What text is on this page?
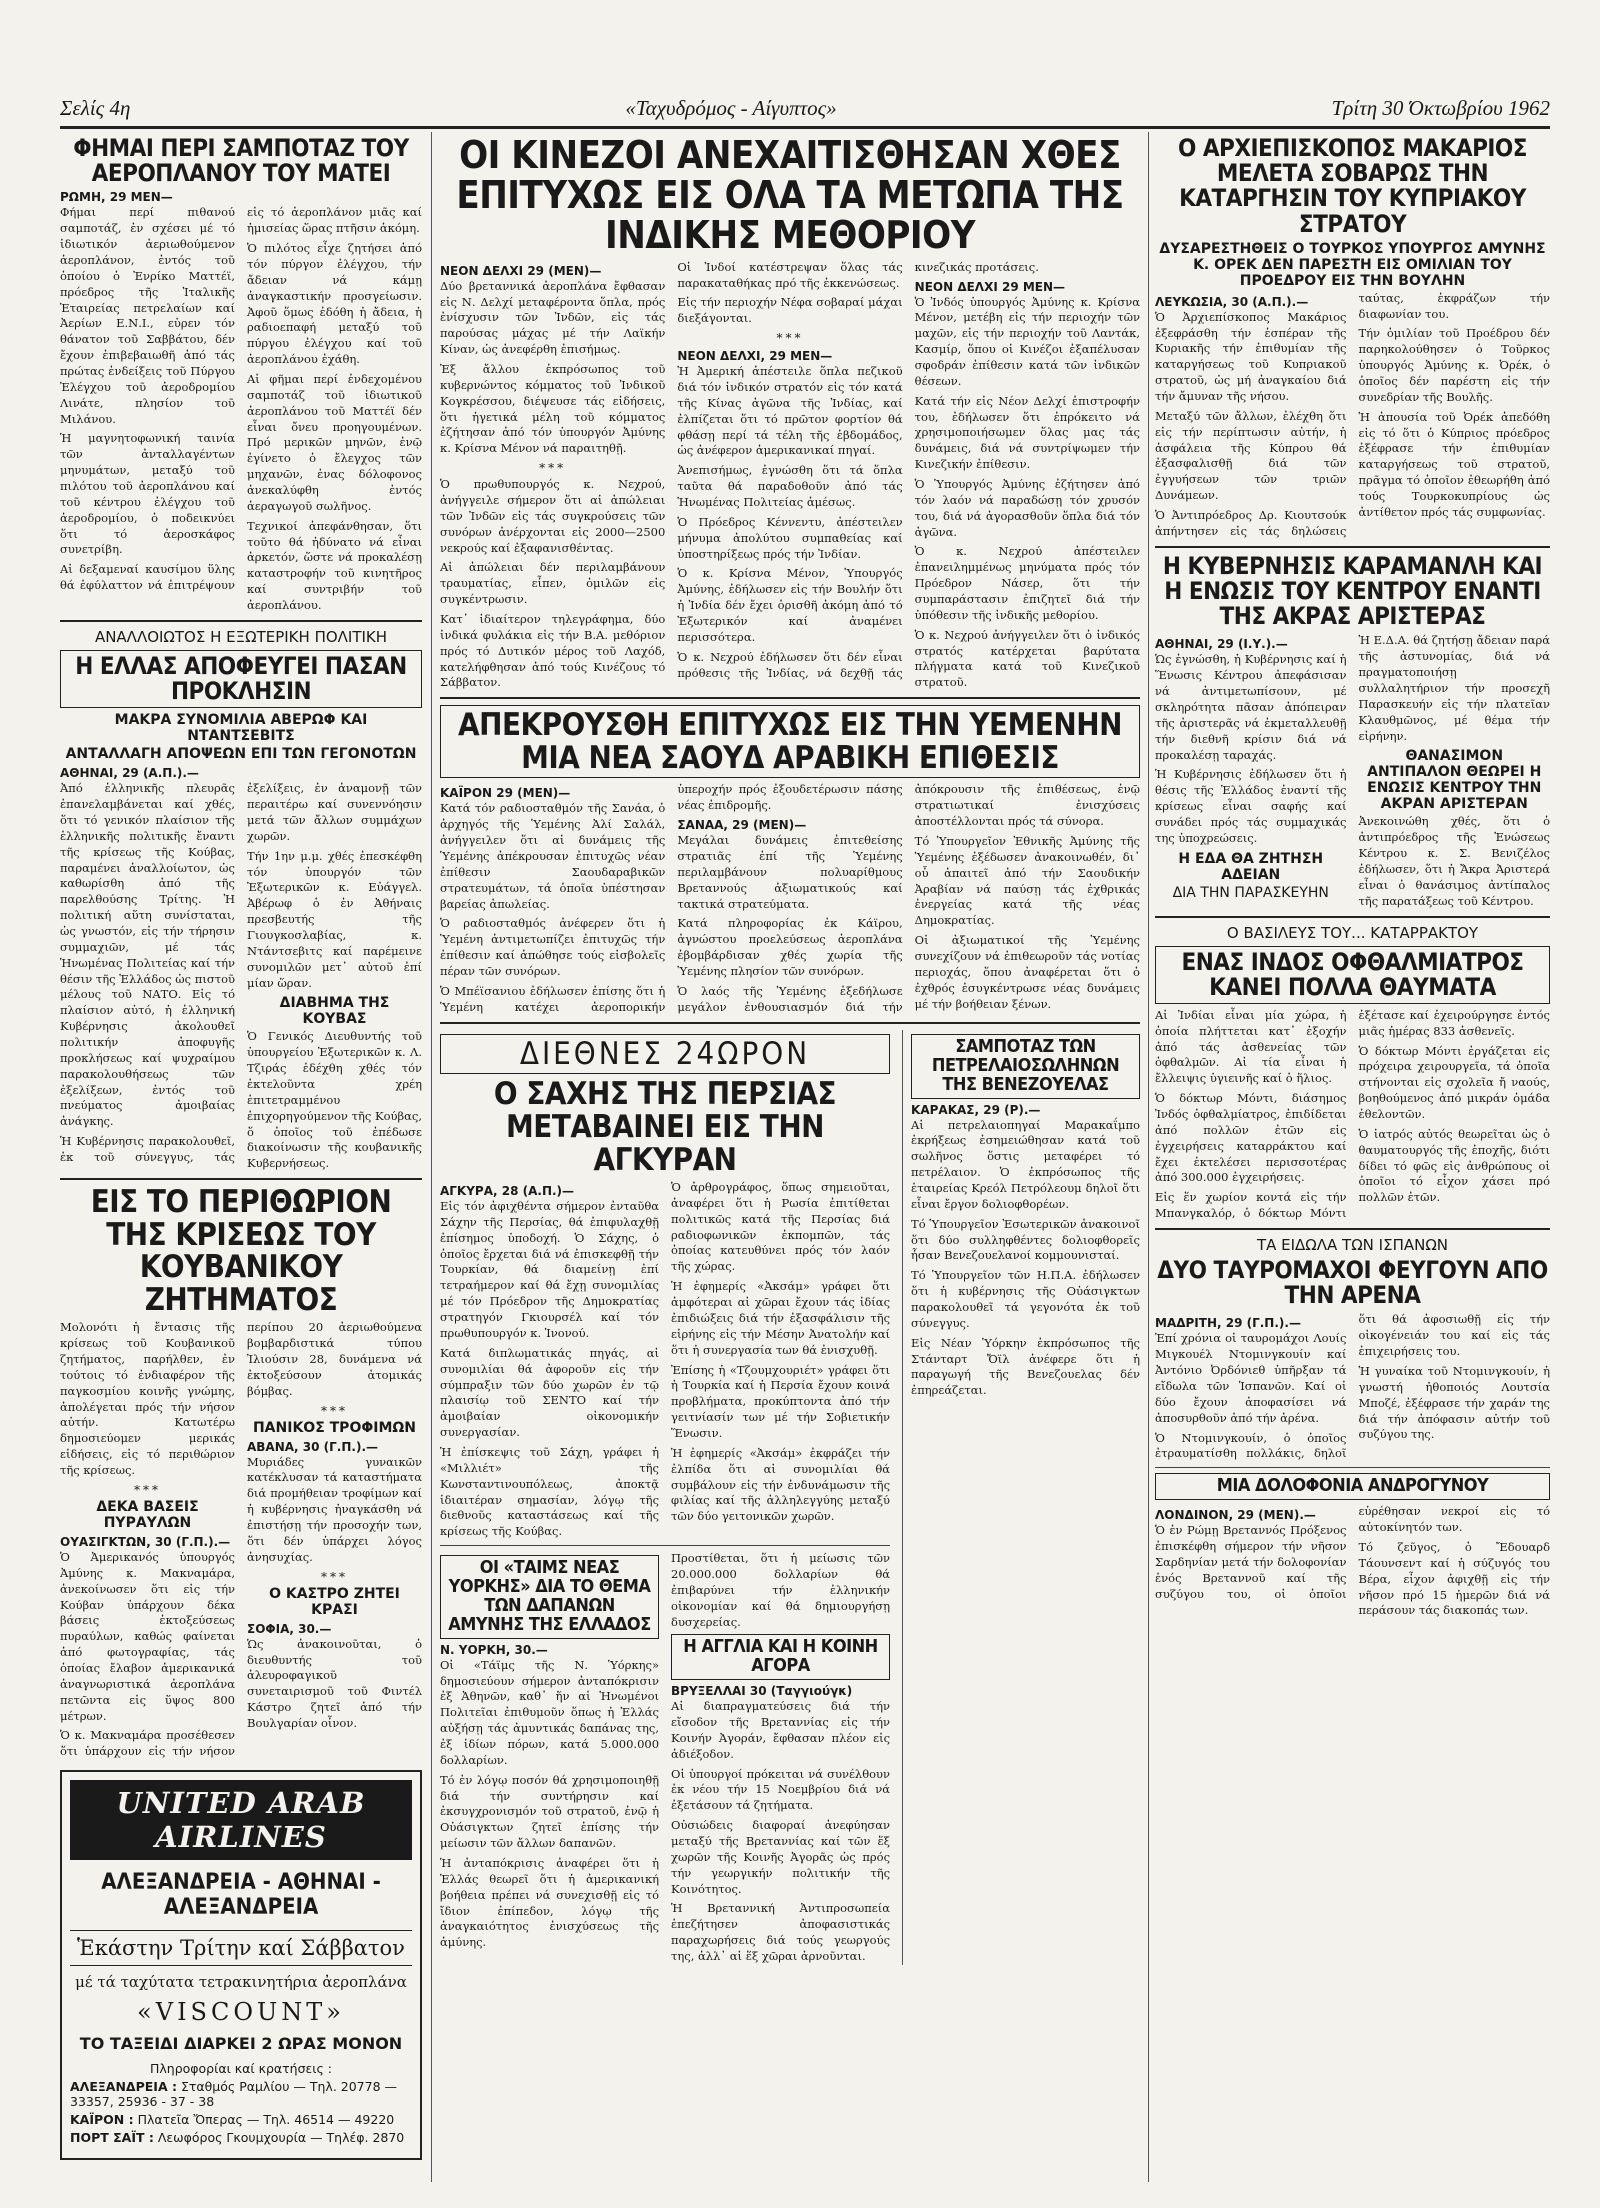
Σελίς 4η	«Ταχυδρόμος - Αίγυπτος»	Τρίτη 30 Όκτωβρίου 1962
ΦΗΜΑΙ ΠΕΡΙ ΣΑΜΠΟΤΑΖ ΤΟΥ ΑΕΡΟΠΛΑΝΟΥ ΤΟΥ ΜΑΤΕΙ
ΡΩΜΗ, 29 ΜΕΝ—

Φήμαι περί πιθανού σαμποτάζ, ἐν σχέσει μέ τό ἰδιωτικόν ἀεριωθούμενον ἀεροπλάνον, ἐντός τοῦ ὁποίου ὁ Ἐνρίκο Ματτέϊ, πρόεδρος τῆς Ἰταλικῆς Ἑταιρείας πετρελαίων καί Ἀερίων Ε.Ν.Ι., εὑρεν τόν θάνατον τοῦ Σαββάτου, δέν ἔχουν ἐπιβεβαιωθῆ ἀπό τάς πρώτας ἐνδείξεις τοῦ Πύργου Ἐλέγχου τοῦ ἀεροδρομίου Λινάτε, πλησίον τοῦ Μιλάνου.

Ἡ μαγνητοφωνική ταινία τῶν ἀνταλλαγέντων μηνυμάτων, μεταξύ τοῦ πιλότου τοῦ ἀεροπλάνου καί τοῦ κέντρου ἐλέγχου τοῦ ἀεροδρομίου, ὁ ποδεικνύει ὅτι τό ἀεροσκάφος συνετρίβη.

Αἱ δεξαμεναί καυσίμου ὕλης θά ἐφύλαττον νά ἐπιτρέψουν εἰς τό ἀεροπλάνον μιᾶς καί ἡμισείας ὥρας πτῆσιν ἀκόμη.

Ὁ πιλότος εἶχε ζητήσει ἀπό τόν πύργον ἐλέγχου, τήν ἄδειαν νά κάμῃ ἀναγκαστικήν προσγείωσιν. Ἀφοῦ ὅμως ἐδόθη ἡ ἄδεια, ἡ ραδιοεπαφή μεταξύ τοῦ πύργου ἐλέγχου καί τοῦ ἀεροπλάνου ἐχάθη.

Αἱ φῆμαι περί ἐνδεχομένου σαμποτάζ τοῦ ἰδιωτικοῦ ἀεροπλάνου τοῦ Ματτέϊ δέν εἶναι ὄνευ προηγουμένων. Πρό μερικῶν μηνῶν, ἐνῷ ἐγίνετο ὁ ἔλεγχος τῶν μηχανῶν, ἐνας δόλοφονος ἀνεκαλύφθη ἐντός ἀεραγωγοῦ σωλῆνος.

Τεχνικοί ἀπεφάνθησαν, ὅτι τοῦτο θά ἠδύνατο νά εἶναι ἀρκετόν, ὥστε νά προκαλέσῃ καταστροφήν τοῦ κινητῆρος καί συντριβήν τοῦ ἀεροπλάνου.

ΑΝΑΛΛΟΙΩΤΟΣ Η ΕΞΩΤΕΡΙΚΗ ΠΟΛΙΤΙΚΗ
Η ΕΛΛΑΣ ΑΠΟΦΕΥΓΕΙ ΠΑΣΑΝ ΠΡΟΚΛΗΣΙΝ
ΜΑΚΡΑ ΣΥΝΟΜΙΛΙΑ ΑΒΕΡΩΦ ΚΑΙ ΝΤΑΝΤΣΕΒΙΤΣ
ΑΝΤΑΛΛΑΓΗ ΑΠΟΨΕΩΝ ΕΠΙ ΤΩΝ ΓΕΓΟΝΟΤΩΝ
ΑΘΗΝΑΙ, 29 (Α.Π.).—

Ἀπό ἑλληνικῆς πλευρᾶς ἐπανελαμβάνεται καί χθές, ὅτι τό γενικόν πλαίσιον τῆς ἑλληνικῆς πολιτικῆς ἔναντι τῆς κρίσεως τῆς Κούβας, παραμένει ἀναλλοίωτον, ὡς καθωρίσθη ἀπό τῆς παρελθούσης Τρίτης. Ἡ πολιτική αὕτη συνίσταται, ὡς γνωστόν, εἰς τήν τήρησιν συμμαχιῶν, μέ τάς Ἡνωμένας Πολιτείας καί τήν θέσιν τῆς Ἑλλάδος ὡς πιστοῦ μέλους τοῦ ΝΑΤΟ. Εἰς τό πλαίσιον αὐτό, ἡ ἑλληνική Κυβέρνησις ἀκολουθεῖ πολιτικήν ἀποφυγῆς προκλήσεως καί ψυχραίμου παρακολουθήσεως τῶν ἐξελίξεων, ἐντός τοῦ πνεύματος ἀμοιβαίας ἀνάγκης.

Ἡ Κυβέρνησις παρακολουθεῖ, ἐκ τοῦ σύνεγγυς, τάς ἐξελίξεις, ἐν ἀναμονῇ τῶν περαιτέρω καί συνεννόησιν μετά τῶν ἄλλων συμμάχων χωρῶν.

Τήν 1ην μ.μ. χθές ἐπεσκέφθη τόν ὑπουργόν τῶν Ἐξωτερικῶν κ. Εὐάγγελ. Ἀβέρωφ ὁ ἐν Ἀθήναις πρεσβευτής τῆς Γιουγκοσλαβίας, κ. Ντάντσεβιτς καί παρέμεινε συνομιλῶν μετ᾽ αὐτοῦ ἐπί μίαν ὥραν.

ΔΙΑΒΗΜΑ ΤΗΣ ΚΟΥΒΑΣ

Ὁ Γενικός Διευθυντής τοῦ ὑπουργείου Ἐξωτερικῶν κ. Λ. Τζιράς ἐδέχθη χθές τόν ἐκτελοῦντα χρέη ἐπιτετραμμένου ἐπιχορηγούμενον τῆς Κούβας, ὅ ὁποῖος τοῦ ἐπέδωσε διακοίνωσιν τῆς κουβανικῆς Κυβερνήσεως.

ΕΙΣ ΤΟ ΠΕΡΙΘΩΡΙΟΝ ΤΗΣ ΚΡΙΣΕΩΣ ΤΟΥ ΚΟΥΒΑΝΙΚΟΥ ΖΗΤΗΜΑΤΟΣ

Μολονότι ἡ ἔντασις τῆς κρίσεως τοῦ Κουβανικοῦ ζητήματος, παρήλθεν, ἐν τούτοις τό ἐνδιαφέρον τῆς παγκοσμίου κοινῆς γνώμης, ἀπολέγεται πρός τήν νήσον αὐτήν. Κατωτέρω δημοσιεύομεν μερικάς εἰδήσεις, εἰς τό περιθώριον τῆς κρίσεως.

***
ΔΕΚΑ ΒΑΣΕΙΣ ΠΥΡΑΥΛΩΝ
ΟΥΑΣΙΓΚΤΩΝ, 30 (Γ.Π.).—

Ὁ Ἀμερικανός ὑπουργός Ἀμύνης κ. Μακναμάρα, ἀνεκοίνωσεν ὅτι εἰς τήν Κούβαν ὑπάρχουν δέκα βάσεις ἐκτοξεύσεως πυραύλων, καθώς φαίνεται ἀπό φωτογραφίας, τάς ὁποίας ἔλαβον ἀμερικανικά ἀναγνωριστικά ἀεροπλάνα πετῶντα εἰς ὕψος 800 μέτρων.

Ὁ κ. Μακναμάρα προσέθεσεν ὅτι ὑπάρχουν εἰς τήν νήσον περίπου 20 ἀεριωθούμενα βομβαρδιστικά τύπου Ἰλιούσιν 28, δυνάμενα νά ἐκτοξεύσουν ἀτομικάς βόμβας.

***
ΠΑΝΙΚΟΣ ΤΡΟΦΙΜΩΝ
ΑΒΑΝΑ, 30 (Γ.Π.).—

Μυριάδες γυναικῶν κατέκλυσαν τά καταστήματα διά προμήθειαν τροφίμων καί ἡ κυβέρνησις ἠναγκάσθη νά ἐπιστήσῃ τήν προσοχήν των, ὅτι δέν ὑπάρχει λόγος ἀνησυχίας.

***
Ο ΚΑΣΤΡΟ ΖΗΤΕΙ ΚΡΑΣΙ
ΣΟΦΙΑ, 30.—

Ὡς ἀνακοινοῦται, ὁ διευθυντής τοῦ ἀλευροφαγικοῦ συνεταιρισμοῦ τοῦ Φιντέλ Κάστρο ζητεῖ ἀπό τήν Βουλγαρίαν οἶνον.

UNITED ARAB AIRLINES
ΑΛΕΞΑΝΔΡΕΙΑ - ΑΘΗΝΑΙ - ΑΛΕΞΑΝΔΡΕΙΑ
Ἑκάστην Τρίτην καί Σάββατον
μέ τά ταχύτατα τετρακινητήρια ἀεροπλάνα
«VISCOUNT»
ΤΟ ΤΑΞΕΙΔΙ ΔΙΑΡΚΕΙ 2 ΩΡΑΣ ΜΟΝΟΝ
Πληροφορίαι καί κρατήσεις :
ΑΛΕΞΑΝΔΡΕΙΑ : Σταθμός Ραμλίου — Τηλ. 20778 — 33357, 25936 - 37 - 38
ΚΑΪΡΟΝ : Πλατεῖα Ὄπερας — Τηλ. 46514 — 49220
ΠΟΡΤ ΣΑΪΤ : Λεωφόρος Γκουμχουρία — Τηλέφ. 2870
ΟΙ ΚΙΝΕΖΟΙ ΑΝΕΧΑΙΤΙΣΘΗΣΑΝ ΧΘΕΣ ΕΠΙΤΥΧΩΣ ΕΙΣ ΟΛΑ ΤΑ ΜΕΤΩΠΑ ΤΗΣ ΙΝΔΙΚΗΣ ΜΕΘΟΡΙΟΥ
ΝΕΟΝ ΔΕΛΧΙ 29 (ΜΕΝ)—

Δύο βρεταννικά ἀεροπλάνα ἔφθασαν εἰς Ν. Δελχί μεταφέροντα ὅπλα, πρός ἐνίσχυσιν τῶν Ἰνδῶν, εἰς τάς παρούσας μάχας μέ τήν Λαϊκήν Κίναν, ὡς ἀνεφέρθη ἐπισήμως.

Ἐξ ἄλλου ἐκπρόσωπος τοῦ κυβερνώντος κόμματος τοῦ Ἰνδικοῦ Κογκρέσσου, διέψευσε τάς εἰδήσεις, ὅτι ἡγετικά μέλη τοῦ κόμματος ἐζήτησαν ἀπό τόν ὑπουργόν Ἀμύνης κ. Κρίσνα Μένον νά παραιτηθῇ.

***

Ὁ πρωθυπουργός κ. Νεχρού, ἀνήγγειλε σήμερον ὅτι αἱ ἀπώλειαι τῶν Ἰνδῶν εἰς τάς συγκρούσεις τῶν συνόρων ἀνέρχονται εἰς 2000—2500 νεκρούς καί ἐξαφανισθέντας.

Αἱ ἀπώλειαι δέν περιλαμβάνουν τραυματίας, εἶπεν, ὁμιλῶν εἰς συγκέντρωσιν.

Κατ᾽ ἰδιαίτερον τηλεγράφημα, δύο ἰνδικά φυλάκια εἰς τήν Β.Α. μεθόριον πρός τό Δυτικόν μέρος τοῦ Λαχόδ, κατελήφθησαν ἀπό τούς Κινέζους τό Σάββατον.

Οἱ Ἰνδοί κατέστρεψαν ὅλας τάς παρακαταθήκας πρό τῆς ἐκκενώσεως.

Εἰς τήν περιοχήν Νέφα σοβαραί μάχαι διεξάγονται.

***
ΝΕΟΝ ΔΕΛΧΙ, 29 ΜΕΝ—

Ἡ Ἀμερική ἀπέστειλε ὅπλα πεζικοῦ διά τόν ἰνδικόν στρατόν εἰς τόν κατά τῆς Κίνας ἀγῶνα τῆς Ἰνδίας, καί ἐλπίζεται ὅτι τό πρῶτον φορτίον θά φθάσῃ περί τά τέλη τῆς ἑβδομάδος, ὡς ἀνέφερον ἀμερικανικαί πηγαί.

Ἀνεπισήμως, ἐγνώσθη ὅτι τά ὅπλα ταῦτα θά παραδοθοῦν ἀπό τάς Ἡνωμένας Πολιτείας ἀμέσως.

Ὁ Πρόεδρος Κέννεντυ, ἀπέστειλεν μήνυμα ἀπολύτου συμπαθείας καί ὑποστηρίξεως πρός τήν Ἰνδίαν.

Ὁ κ. Κρίσνα Μένον, Ὑπουργός Ἀμύνης, ἐδήλωσεν εἰς τήν Βουλήν ὅτι ἡ Ἰνδία δέν ἔχει ὁρισθῆ ἀκόμη ἀπό τό Ἐξωτερικόν καί ἀναμένει περισσότερα.

Ὁ κ. Νεχρού ἐδήλωσεν ὅτι δέν εἶναι πρόθεσις τῆς Ἰνδίας, νά δεχθῇ τάς κινεζικάς προτάσεις.

ΝΕΟΝ ΔΕΛΧΙ 29 ΜΕΝ—

Ὁ Ἰνδός ὑπουργός Ἀμύνης κ. Κρίσνα Μένον, μετέβη εἰς τήν περιοχήν τῶν μαχῶν, εἰς τήν περιοχήν τοῦ Λαντάκ, Κασμίρ, ὅπου οἱ Κινέζοι ἐξαπέλυσαν σφοδράν ἐπίθεσιν κατά τῶν ἰνδικῶν θέσεων.

Κατά τήν εἰς Νέον Δελχί ἐπιστροφήν του, ἐδήλωσεν ὅτι ἐπρόκειτο νά χρησιμοποιήσωμεν ὅλας μας τάς δυνάμεις, διά νά συντρίψωμεν τήν Κινεζικήν ἐπίθεσιν.

Ὁ Ὑπουργός Ἀμύνης ἐζήτησεν ἀπό τόν λαόν νά παραδώσῃ τόν χρυσόν του, διά νά ἀγορασθοῦν ὅπλα διά τόν ἀγῶνα.

Ὁ κ. Νεχρού ἀπέστειλεν ἐπανειλημμένως μηνύματα πρός τόν Πρόεδρον Νάσερ, ὅτι τήν συμπαράστασιν ἐπιζητεῖ διά τήν ὑπόθεσιν τῆς ἰνδικῆς μεθορίου.

Ὁ κ. Νεχρού ἀνήγγειλεν ὅτι ὁ ἰνδικός στρατός κατέρχεται βαρύτατα πλήγματα κατά τοῦ Κινεζικοῦ στρατοῦ.

ΑΠΕΚΡΟΥΣΘΗ ΕΠΙΤΥΧΩΣ ΕΙΣ ΤΗΝ ΥΕΜΕΝΗΝ ΜΙΑ ΝΕΑ ΣΑΟΥΔ ΑΡΑΒΙΚΗ ΕΠΙΘΕΣΙΣ
ΚΑΪΡΟΝ 29 (ΜΕΝ)—

Κατά τόν ραδιοσταθμόν τῆς Σανάα, ὁ ἀρχηγός τῆς Ὑεμένης Ἀλί Σαλάλ, ἀνήγγειλεν ὅτι αἱ δυνάμεις τῆς Ὑεμένης ἀπέκρουσαν ἐπιτυχῶς νέαν ἐπίθεσιν Σαουδαραβικῶν στρατευμάτων, τά ὁποῖα ὑπέστησαν βαρείας ἀπωλείας.

Ὁ ραδιοσταθμός ἀνέφερεν ὅτι ἡ Ὑεμένη ἀντιμετωπίζει ἐπιτυχῶς τήν ἐπίθεσιν καί ἀπώθησε τούς εἰσβολεῖς πέραν τῶν συνόρων.

Ὁ Μπέϊσανιου ἐδήλωσεν ἐπίσης ὅτι ἡ Ὑεμένη κατέχει ἀεροπορικήν ὑπεροχήν πρός ἐξουδετέρωσιν πάσης νέας ἐπιδρομῆς.

ΣΑΝΑΑ, 29 (ΜΕΝ)—

Μεγάλαι δυνάμεις ἐπιτεθείσης στρατιᾶς ἐπί τῆς Ὑεμένης περιλαμβάνουν πολυαρίθμους Βρεταννούς ἀξιωματικούς καί τακτικά στρατεύματα.

Κατά πληροφορίας ἐκ Κάϊρου, ἀγνώστου προελεύσεως ἀεροπλάνα ἐβομβάρδισαν χθές χωρία τῆς Ὑεμένης πλησίον τῶν συνόρων.

Ὁ λαός τῆς Ὑεμένης ἐξεδήλωσε μεγάλον ἐνθουσιασμόν διά τήν ἀπόκρουσιν τῆς ἐπιθέσεως, ἐνῷ στρατιωτικαί ἐνισχύσεις ἀποστέλλονται πρός τά σύνορα.

Τό Ὑπουργεῖον Ἐθνικῆς Ἀμύνης τῆς Ὑεμένης ἐξέδωσεν ἀνακοινωθέν, δι᾽ οὗ ἀπαιτεῖ ἀπό τήν Σαουδικήν Ἀραβίαν νά παύσῃ τάς ἐχθρικάς ἐνεργείας κατά τῆς νέας Δημοκρατίας.

Οἱ ἀξιωματικοί τῆς Ὑεμένης συνεχίζουν νά ἐπιθεωροῦν τάς νοτίας περιοχάς, ὅπου ἀναφέρεται ὅτι ὁ ἐχθρός ἐσυγκέντρωσε νέας δυνάμεις μέ τήν βοήθειαν ξένων.

ΔΙΕΘΝΕΣ 24ΩΡΟΝ
Ο ΣΑΧΗΣ ΤΗΣ ΠΕΡΣΙΑΣ ΜΕΤΑΒΑΙΝΕΙ ΕΙΣ ΤΗΝ ΑΓΚΥΡΑΝ
ΑΓΚΥΡΑ, 28 (Α.Π.)—

Εἰς τόν ἀφιχθέντα σήμερον ἐνταῦθα Σάχην τῆς Περσίας, θά ἐπιφυλαχθῇ ἐπίσημος ὑποδοχή. Ὁ Σάχης, ὁ ὁποῖος ἔρχεται διά νά ἐπισκεφθῇ τήν Τουρκίαν, θά διαμείνῃ ἐπί τετραήμερον καί θά ἔχῃ συνομιλίας μέ τόν Πρόεδρον τῆς Δημοκρατίας στρατηγόν Γκιουρσέλ καί τόν πρωθυπουργόν κ. Ἰνονού.

Κατά διπλωματικάς πηγάς, αἱ συνομιλίαι θά ἀφοροῦν εἰς τήν σύμπραξιν τῶν δύο χωρῶν ἐν τῷ πλαισίῳ τοῦ ΣΕΝΤΟ καί τήν ἀμοιβαίαν οἰκονομικήν συνεργασίαν.

Ἡ ἐπίσκεψις τοῦ Σάχη, γράφει ἡ «Μιλλιέτ» τῆς Κωνσταντινουπόλεως, ἀποκτᾷ ἰδιαιτέραν σημασίαν, λόγῳ τῆς διεθνοῦς καταστάσεως καί τῆς κρίσεως τῆς Κούβας.

Ὁ ἀρθρογράφος, ὅπως σημειοῦται, ἀναφέρει ὅτι ἡ Ρωσία ἐπιτίθεται πολιτικῶς κατά τῆς Περσίας διά ραδιοφωνικῶν ἐκπομπῶν, τάς ὁποίας κατευθύνει πρός τόν λαόν τῆς χώρας.

Ἡ ἐφημερίς «Ἀκσάμ» γράφει ὅτι ἀμφότεραι αἱ χῶραι ἔχουν τάς ἰδίας ἐπιδιώξεις διά τήν ἐξασφάλισιν τῆς εἰρήνης εἰς τήν Μέσην Ἀνατολήν καί ὅτι ἡ συνεργασία των θά ἐνισχυθῇ.

Ἐπίσης ἡ «Τζουμχουριέτ» γράφει ὅτι ἡ Τουρκία καί ἡ Περσία ἔχουν κοινά προβλήματα, προκύπτοντα ἀπό τήν γειτνίασίν των μέ τήν Σοβιετικήν Ἕνωσιν.

Ἡ ἐφημερίς «Ἀκσάμ» ἐκφράζει τήν ἐλπίδα ὅτι αἱ συνομιλίαι θά συμβάλουν εἰς τήν ἐνδυνάμωσιν τῆς φιλίας καί τῆς ἀλληλεγγύης μεταξύ τῶν δύο γειτονικῶν χωρῶν.

ΟΙ «ΤΑΙΜΣ ΝΕΑΣ ΥΟΡΚΗΣ» ΔΙΑ ΤΟ ΘΕΜΑ ΤΩΝ ΔΑΠΑΝΩΝ ΑΜΥΝΗΣ ΤΗΣ ΕΛΛΑΔΟΣ
Ν. ΥΟΡΚΗ, 30.—

Οἱ «Τάϊμς τῆς Ν. Ὑόρκης» δημοσιεύουν σήμερον ἀνταπόκρισιν ἐξ Ἀθηνῶν, καθ᾽ ἥν αἱ Ἡνωμένοι Πολιτεῖαι ἐπιθυμοῦν ὅπως ἡ Ἑλλάς αὐξήσῃ τάς ἀμυντικάς δαπάνας της, ἐξ ἰδίων πόρων, κατά 5.000.000 δολλαρίων.

Τό ἐν λόγῳ ποσόν θά χρησιμοποιηθῇ διά τήν συντήρησιν καί ἐκσυγχρονισμόν τοῦ στρατοῦ, ἐνῷ ἡ Οὐάσιγκτων ζητεῖ ἐπίσης τήν μείωσιν τῶν ἄλλων δαπανῶν.

Ἡ ἀνταπόκρισις ἀναφέρει ὅτι ἡ Ἑλλάς θεωρεῖ ὅτι ἡ ἀμερικανική βοήθεια πρέπει νά συνεχισθῇ εἰς τό ἴδιον ἐπίπεδον, λόγῳ τῆς ἀναγκαιότητος ἐνισχύσεως τῆς ἀμύνης.

Προστίθεται, ὅτι ἡ μείωσις τῶν 20.000.000 δολλαρίων θά ἐπιβαρύνει τήν ἑλληνικήν οἰκονομίαν καί θά δημιουργήσῃ δυσχερείας.

Η ΑΓΓΛΙΑ ΚΑΙ Η ΚΟΙΝΗ ΑΓΟΡΑ
ΒΡΥΞΕΛΛΑΙ 30 (Ταγγιούγκ)

Αἱ διαπραγματεύσεις διά τήν εἴσοδον τῆς Βρεταννίας εἰς τήν Κοινήν Ἀγοράν, ἔφθασαν πλέον εἰς ἀδιέξοδον.

Οἱ ὑπουργοί πρόκειται νά συνέλθουν ἐκ νέου τήν 15 Νοεμβρίου διά νά ἐξετάσουν τά ζητήματα.

Οὐσιώδεις διαφοραί ἀνεφύησαν μεταξύ τῆς Βρεταννίας καί τῶν ἕξ χωρῶν τῆς Κοινῆς Ἀγορᾶς ὡς πρός τήν γεωργικήν πολιτικήν τῆς Κοινότητος.

Ἡ Βρεταννική Ἀντιπροσωπεία ἐπεζήτησεν ἀποφασιστικάς παραχωρήσεις διά τούς γεωργούς της, ἀλλ᾽ αἱ ἕξ χῶραι ἀρνοῦνται.

ΣΑΜΠΟΤΑΖ ΤΩΝ ΠΕΤΡΕΛΑΙΟΣΩΛΗΝΩΝ ΤΗΣ ΒΕΝΕΖΟΥΕΛΑΣ
ΚΑΡΑΚΑΣ, 29 (Ρ).—

Αἱ πετρελαιοπηγαί Μαρακαΐμπο ἐκρήξεως ἐσημειώθησαν κατά τοῦ σωλῆνος ὅστις μεταφέρει τό πετρέλαιον. Ὁ ἐκπρόσωπος τῆς ἑταιρείας Κρεόλ Πετρόλεουμ δηλοῖ ὅτι εἶναι ἔργον δολιοφθορέων.

Τό Ὑπουργεῖον Ἐσωτερικῶν ἀνακοινοῖ ὅτι δύο συλληφθέντες δολιοφθορεῖς ἦσαν Βενεζουελανοί κομμουνισταί.

Τό Ὑπουργεῖον τῶν Η.Π.Α. ἐδήλωσεν ὅτι ἡ κυβέρνησις τῆς Οὐάσιγκτων παρακολουθεῖ τά γεγονότα ἐκ τοῦ σύνεγγυς.

Εἰς Νέαν Ὑόρκην ἐκπρόσωπος τῆς Στάνταρτ Ὄϊλ ἀνέφερε ὅτι ἡ παραγωγή τῆς Βενεζουελας δέν ἐπηρεάζεται.

Ο ΑΡΧΙΕΠΙΣΚΟΠΟΣ ΜΑΚΑΡΙΟΣ ΜΕΛΕΤΑ ΣΟΒΑΡΩΣ ΤΗΝ ΚΑΤΑΡΓΗΣΙΝ ΤΟΥ ΚΥΠΡΙΑΚΟΥ ΣΤΡΑΤΟΥ
ΔΥΣΑΡΕΣΤΗΘΕΙΣ Ο ΤΟΥΡΚΟΣ ΥΠΟΥΡΓΟΣ ΑΜΥΝΗΣ Κ. ΟΡΕΚ ΔΕΝ ΠΑΡΕΣΤΗ ΕΙΣ ΟΜΙΛΙΑΝ ΤΟΥ ΠΡΟΕΔΡΟΥ ΕΙΣ ΤΗΝ ΒΟΥΛΗΝ
ΛΕΥΚΩΣΙΑ, 30 (Α.Π.).—

Ὁ Ἀρχιεπίσκοπος Μακάριος ἐξεφράσθη τήν ἑσπέραν τῆς Κυριακῆς τήν ἐπιθυμίαν τῆς καταργήσεως τοῦ Κυπριακοῦ στρατοῦ, ὡς μή ἀναγκαίου διά τήν ἄμυναν τῆς νήσου.

Μεταξύ τῶν ἄλλων, ἐλέχθη ὅτι εἰς τήν περίπτωσιν αὐτήν, ἡ ἀσφάλεια τῆς Κύπρου θά ἐξασφαλισθῇ διά τῶν ἐγγυήσεων τῶν τριῶν Δυνάμεων.

Ὁ Ἀντιπρόεδρος Δρ. Κιουτσούκ ἀπήντησεν εἰς τάς δηλώσεις ταύτας, ἐκφράζων τήν διαφωνίαν του.

Τήν ὁμιλίαν τοῦ Προέδρου δέν παρηκολούθησεν ὁ Τοῦρκος ὑπουργός Ἀμύνης κ. Ὀρέκ, ὁ ὁποῖος δέν παρέστη εἰς τήν συνεδρίαν τῆς Βουλῆς.

Ἡ ἀπουσία τοῦ Ὀρέκ ἀπεδόθη εἰς τό ὅτι ὁ Κύπριος πρόεδρος ἐξέφρασε τήν ἐπιθυμίαν καταργήσεως τοῦ στρατοῦ, πρᾶγμα τό ὁποῖον ἐθεωρήθη ἀπό τούς Τουρκοκυπρίους ὡς ἀντίθετον πρός τάς συμφωνίας.

Η ΚΥΒΕΡΝΗΣΙΣ ΚΑΡΑΜΑΝΛΗ ΚΑΙ Η ΕΝΩΣΙΣ ΤΟΥ ΚΕΝΤΡΟΥ ΕΝΑΝΤΙ ΤΗΣ ΑΚΡΑΣ ΑΡΙΣΤΕΡΑΣ
ΑΘΗΝΑΙ, 29 (Ι.Υ.).—

Ὡς ἐγνώσθη, ἡ Κυβέρνησις καί ἡ Ἕνωσις Κέντρου ἀπεφάσισαν νά ἀντιμετωπίσουν, μέ σκληρότητα πᾶσαν ἀπόπειραν τῆς ἀριστερᾶς νά ἐκμεταλλευθῇ τήν διεθνῆ κρίσιν διά νά προκαλέσῃ ταραχάς.

Ἡ Κυβέρνησις ἐδήλωσεν ὅτι ἡ θέσις τῆς Ἑλλάδος ἐναντί τῆς κρίσεως εἶναι σαφής καί συνάδει πρός τάς συμμαχικάς της ὑποχρεώσεις.

Η ΕΔΑ ΘΑ ΖΗΤΗΣΗ ΑΔΕΙΑΝ
ΔΙΑ ΤΗΝ ΠΑΡΑΣΚΕΥΗΝ

Ἡ Ε.Δ.Α. θά ζητήσῃ ἄδειαν παρά τῆς ἀστυνομίας, διά νά πραγματοποιήσῃ συλλαλητήριον τήν προσεχῆ Παρασκευήν εἰς τήν πλατεῖαν Κλαυθμῶνος, μέ θέμα τήν εἰρήνην.

ΘΑΝΑΣΙΜΟΝ ΑΝΤΙΠΑΛΟΝ ΘΕΩΡΕΙ Η ΕΝΩΣΙΣ ΚΕΝΤΡΟΥ ΤΗΝ ΑΚΡΑΝ ΑΡΙΣΤΕΡΑΝ

Ἀνεκοινώθη χθές, ὅτι ὁ ἀντιπρόεδρος τῆς Ἑνώσεως Κέντρου κ. Σ. Βενιζέλος ἐδήλωσεν, ὅτι ἡ Ἄκρα Ἀριστερά εἶναι ὁ θανάσιμος ἀντίπαλος τῆς παρατάξεως τοῦ Κέντρου.

Ο ΒΑΣΙΛΕΥΣ ΤΟΥ... ΚΑΤΑΡΡΑΚΤΟΥ
ΕΝΑΣ ΙΝΔΟΣ ΟΦΘΑΛΜΙΑΤΡΟΣ ΚΑΝΕΙ ΠΟΛΛΑ ΘΑΥΜΑΤΑ

Αἱ Ἰνδίαι εἶναι μία χώρα, ἡ ὁποία πλήττεται κατ᾽ ἐξοχήν ἀπό τάς ἀσθενείας τῶν ὀφθαλμῶν. Αἰ τία εἶναι ἡ ἔλλειψις ὑγιεινῆς καί ὁ ἥλιος.

Ὁ δόκτωρ Μόντι, διάσημος Ἰνδός ὀφθαλμίατρος, ἐπιδίδεται ἀπό πολλῶν ἐτῶν εἰς ἐγχειρήσεις καταρράκτου καί ἔχει ἐκτελέσει περισσοτέρας ἀπό 300.000 ἐγχειρήσεις.

Εἰς ἕν χωρίον κοντά εἰς τήν Μπανγκαλόρ, ὁ δόκτωρ Μόντι ἐξέτασε καί ἐχειρούργησε ἐντός μιᾶς ἡμέρας 833 ἀσθενεῖς.

Ὁ δόκτωρ Μόντι ἐργάζεται εἰς πρόχειρα χειρουργεῖα, τά ὁποῖα στήνονται εἰς σχολεῖα ἤ ναούς, βοηθούμενος ἀπό μικράν ὁμάδα ἐθελοντῶν.

Ὁ ἰατρός αὐτός θεωρεῖται ὡς ὁ θαυματουργός τῆς ἐποχῆς, διότι δίδει τό φῶς εἰς ἀνθρώπους οἱ ὁποῖοι τό εἶχον χάσει πρό πολλῶν ἐτῶν.

ΤΑ ΕΙΔΩΛΑ ΤΩΝ ΙΣΠΑΝΩΝ
ΔΥΟ ΤΑΥΡΟΜΑΧΟΙ ΦΕΥΓΟΥΝ ΑΠΟ ΤΗΝ ΑΡΕΝΑ
ΜΑΔΡΙΤΗ, 29 (Γ.Π.).—

Ἐπί χρόνια οἱ ταυρομάχοι Λουίς Μιγκουέλ Ντομινγκουίν καί Ἀντόνιο Ὀρδόνιεθ ὑπῆρξαν τά εἴδωλα τῶν Ἱσπανῶν. Καί οἱ δύο ἔχουν ἀποφασίσει νά ἀποσυρθοῦν ἀπό τήν ἀρένα.

Ὁ Ντομινγκουίν, ὁ ὁποῖος ἐτραυματίσθη πολλάκις, δηλοῖ ὅτι θά ἀφοσιωθῇ εἰς τήν οἰκογένειάν του καί εἰς τάς ἐπιχειρήσεις του.

Ἡ γυναίκα τοῦ Ντομινγκουίν, ἡ γνωστή ἠθοποιός Λουτσία Μποζέ, ἐξέφρασε τήν χαράν της διά τήν ἀπόφασιν αὐτήν τοῦ συζύγου της.

ΜΙΑ ΔΟΛΟΦΟΝΙΑ ΑΝΔΡΟΓΥΝΟΥ
ΛΟΝΔΙΝΟΝ, 29 (ΜΕΝ).—

Ὁ ἐν Ρώμῃ Βρεταννός Πρόξενος ἐπισκέφθη σήμερον τήν νῆσον Σαρδηνίαν μετά τήν δολοφονίαν ἑνός Βρεταννοῦ καί τῆς συζύγου του, οἱ ὁποῖοι εὑρέθησαν νεκροί εἰς τό αὐτοκίνητόν των.

Τό ζεῦγος, ὁ Ἔδουαρδ Τάουνσεντ καί ἡ σύζυγός του Βέρα, εἶχον ἀφιχθῇ εἰς τήν νῆσον πρό 15 ἡμερῶν διά νά περάσουν τάς διακοπάς των.
